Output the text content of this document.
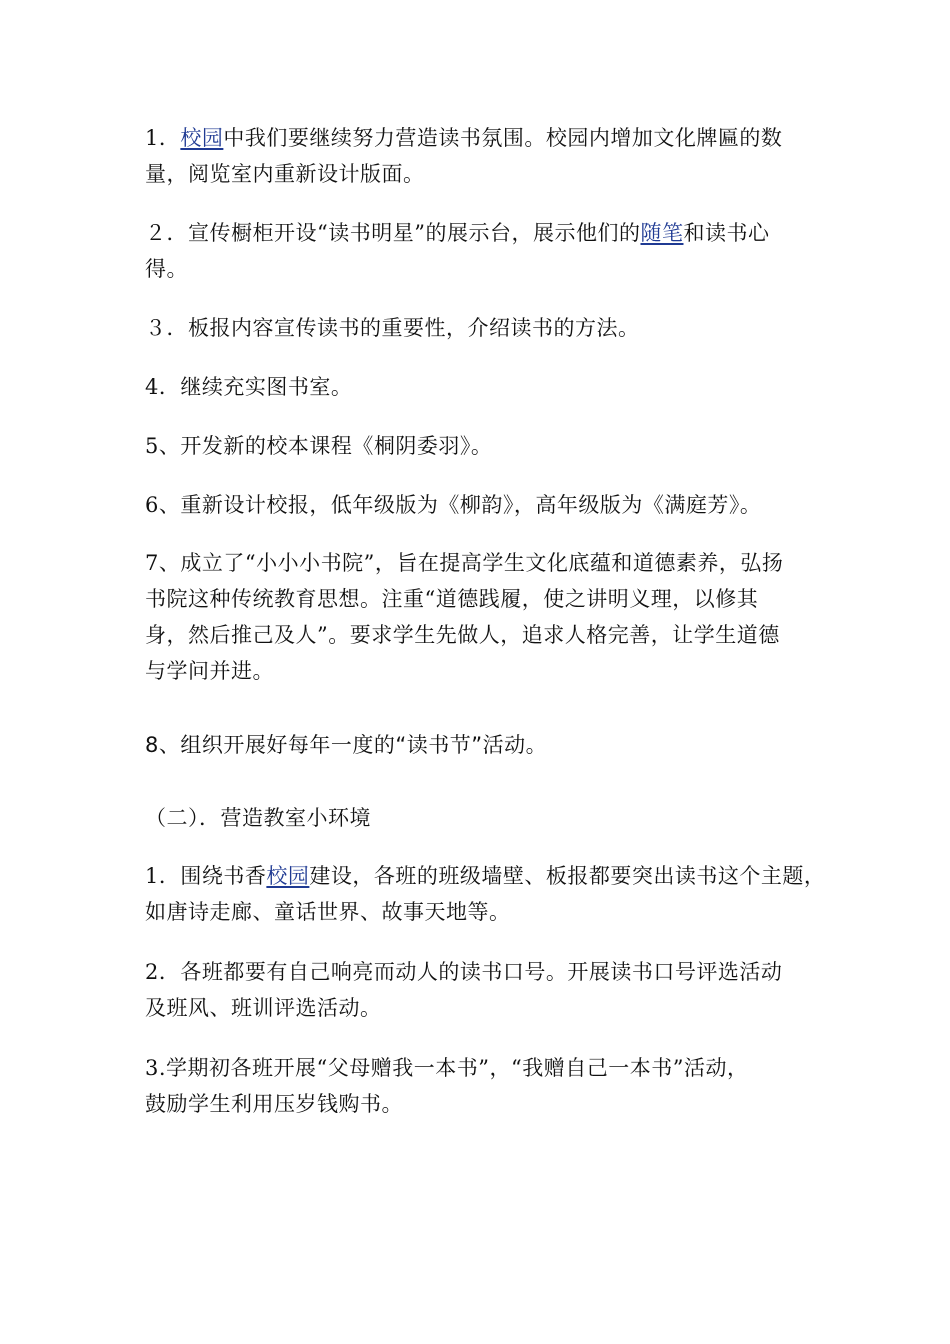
1．校园中我们要继续努力营造读书氛围。校园内增加文化牌匾的数
量，阅览室内重新设计版面。

２．宣传橱柜开设“读书明星”的展示台，展示他们的随笔和读书心
得。

３．板报内容宣传读书的重要性，介绍读书的方法。

4．继续充实图书室。

5、开发新的校本课程《桐阴委羽》。

6、重新设计校报，低年级版为《柳韵》，高年级版为《满庭芳》。

7、成立了“小小小书院”，旨在提高学生文化底蕴和道德素养，弘扬
书院这种传统教育思想。注重“道德践履，使之讲明义理，以修其
身，然后推己及人”。要求学生先做人，追求人格完善，让学生道德
与学问并进。

8、组织开展好每年一度的“读书节”活动。

（二）．营造教室小环境

1．围绕书香校园建设，各班的班级墙壁、板报都要突出读书这个主题，
如唐诗走廊、童话世界、故事天地等。

2．各班都要有自己响亮而动人的读书口号。开展读书口号评选活动
及班风、班训评选活动。

3.学期初各班开展“父母赠我一本书”，“我赠自己一本书”活动，
鼓励学生利用压岁钱购书。
